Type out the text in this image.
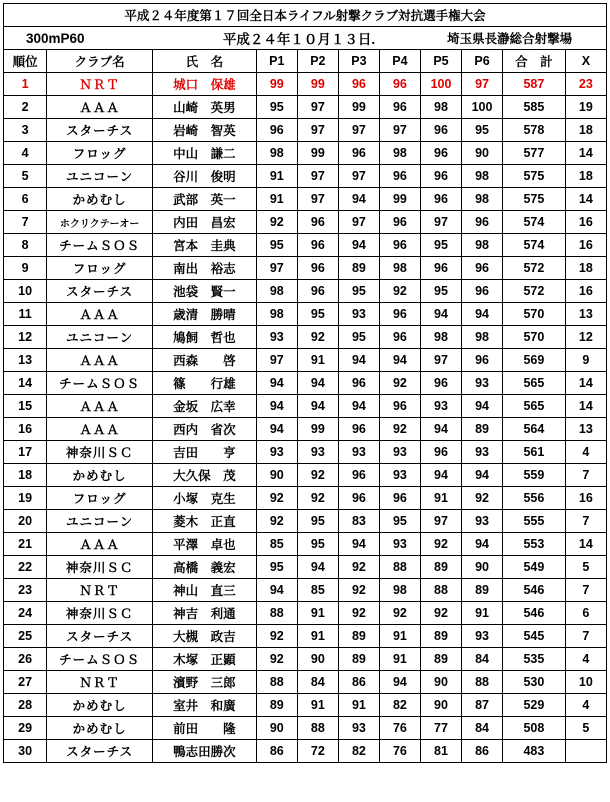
平成２４年度第１７回全日本ライフル射撃クラブ対抗選手権大会										

300mP60 平成２４年１０月１３日. 埼玉県長瀞総合射撃場										

順位	クラブ名	氏　名	P1	P2	P3	P4	P5	P6	合　計	X
1	ＮＲＴ	城口　保雄	99	99	96	96	100	97	587	23
2	ＡＡＡ	山崎　英男	95	97	99	96	98	100	585	19
3	スターチス	岩崎　智英	96	97	97	97	96	95	578	18
4	フロッグ	中山　謙二	98	99	96	98	96	90	577	14
5	ユニコーン	谷川　俊明	91	97	97	96	96	98	575	18
6	かめむし	武部　英一	91	97	94	99	96	98	575	14
7	ホクリクテーオー	内田　昌宏	92	96	97	96	97	96	574	16
8	チームＳＯＳ	宮本　圭典	95	96	94	96	95	98	574	16
9	フロッグ	南出　裕志	97	96	89	98	96	96	572	18
10	スターチス	池袋　賢一	98	96	95	92	95	96	572	16
11	ＡＡＡ	歳清　勝晴	98	95	93	96	94	94	570	13
12	ユニコーン	鳩飼　哲也	93	92	95	96	98	98	570	12
13	ＡＡＡ	西森　　啓	97	91	94	94	97	96	569	9
14	チームＳＯＳ	篠　　行雄	94	94	96	92	96	93	565	14
15	ＡＡＡ	金坂　広幸	94	94	94	96	93	94	565	14
16	ＡＡＡ	西内　省次	94	99	96	92	94	89	564	13
17	神奈川ＳＣ	吉田　　亨	93	93	93	93	96	93	561	4
18	かめむし	大久保　茂	90	92	96	93	94	94	559	7
19	フロッグ	小塚　克生	92	92	96	96	91	92	556	16
20	ユニコーン	菱木　正直	92	95	83	95	97	93	555	7
21	ＡＡＡ	平澤　卓也	85	95	94	93	92	94	553	14
22	神奈川ＳＣ	高橋　義宏	95	94	92	88	89	90	549	5
23	ＮＲＴ	神山　直三	94	85	92	98	88	89	546	7
24	神奈川ＳＣ	神吉　利通	88	91	92	92	92	91	546	6
25	スターチス	大槻　政吉	92	91	89	91	89	93	545	7
26	チームＳＯＳ	木塚　正顕	92	90	89	91	89	84	535	4
27	ＮＲＴ	濱野　三郎	88	84	86	94	90	88	530	10
28	かめむし	室井　和廣	89	91	91	82	90	87	529	4
29	かめむし	前田　　隆	90	88	93	76	77	84	508	5
30	スターチス	鴨志田勝次	86	72	82	76	81	86	483	
